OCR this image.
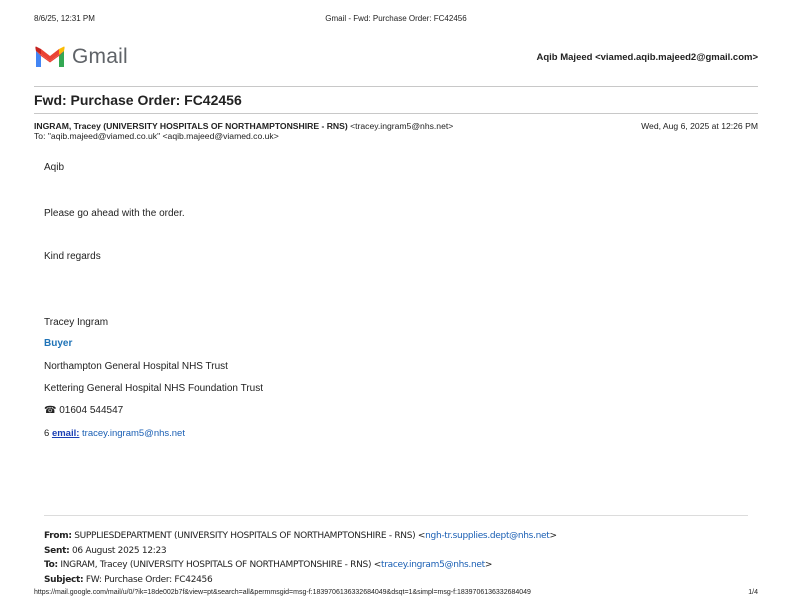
8/6/25, 12:31 PM	Gmail - Fwd: Purchase Order: FC42456
Gmail	Aqib Majeed <viamed.aqib.majeed2@gmail.com>
Fwd: Purchase Order: FC42456
INGRAM, Tracey (UNIVERSITY HOSPITALS OF NORTHAMPTONSHIRE - RNS) <tracey.ingram5@nhs.net>	Wed, Aug 6, 2025 at 12:26 PM
To: "aqib.majeed@viamed.co.uk" <aqib.majeed@viamed.co.uk>
Aqib
Please go ahead with the order.
Kind regards
Tracey Ingram
Buyer
Northampton General Hospital NHS Trust
Kettering General Hospital NHS Foundation Trust
☎ 01604 544547
6 email: tracey.ingram5@nhs.net
From: SUPPLIESDEPARTMENT (UNIVERSITY HOSPITALS OF NORTHAMPTONSHIRE - RNS) <ngh-tr.supplies.dept@nhs.net>
Sent: 06 August 2025 12:23
To: INGRAM, Tracey (UNIVERSITY HOSPITALS OF NORTHAMPTONSHIRE - RNS) <tracey.ingram5@nhs.net>
Subject: FW: Purchase Order: FC42456
https://mail.google.com/mail/u/0/?ik=18de002b7f&view=pt&search=all&permmsgid=msg-f:1839706136332684049&dsqt=1&simpl=msg-f:1839706136332684049	1/4
